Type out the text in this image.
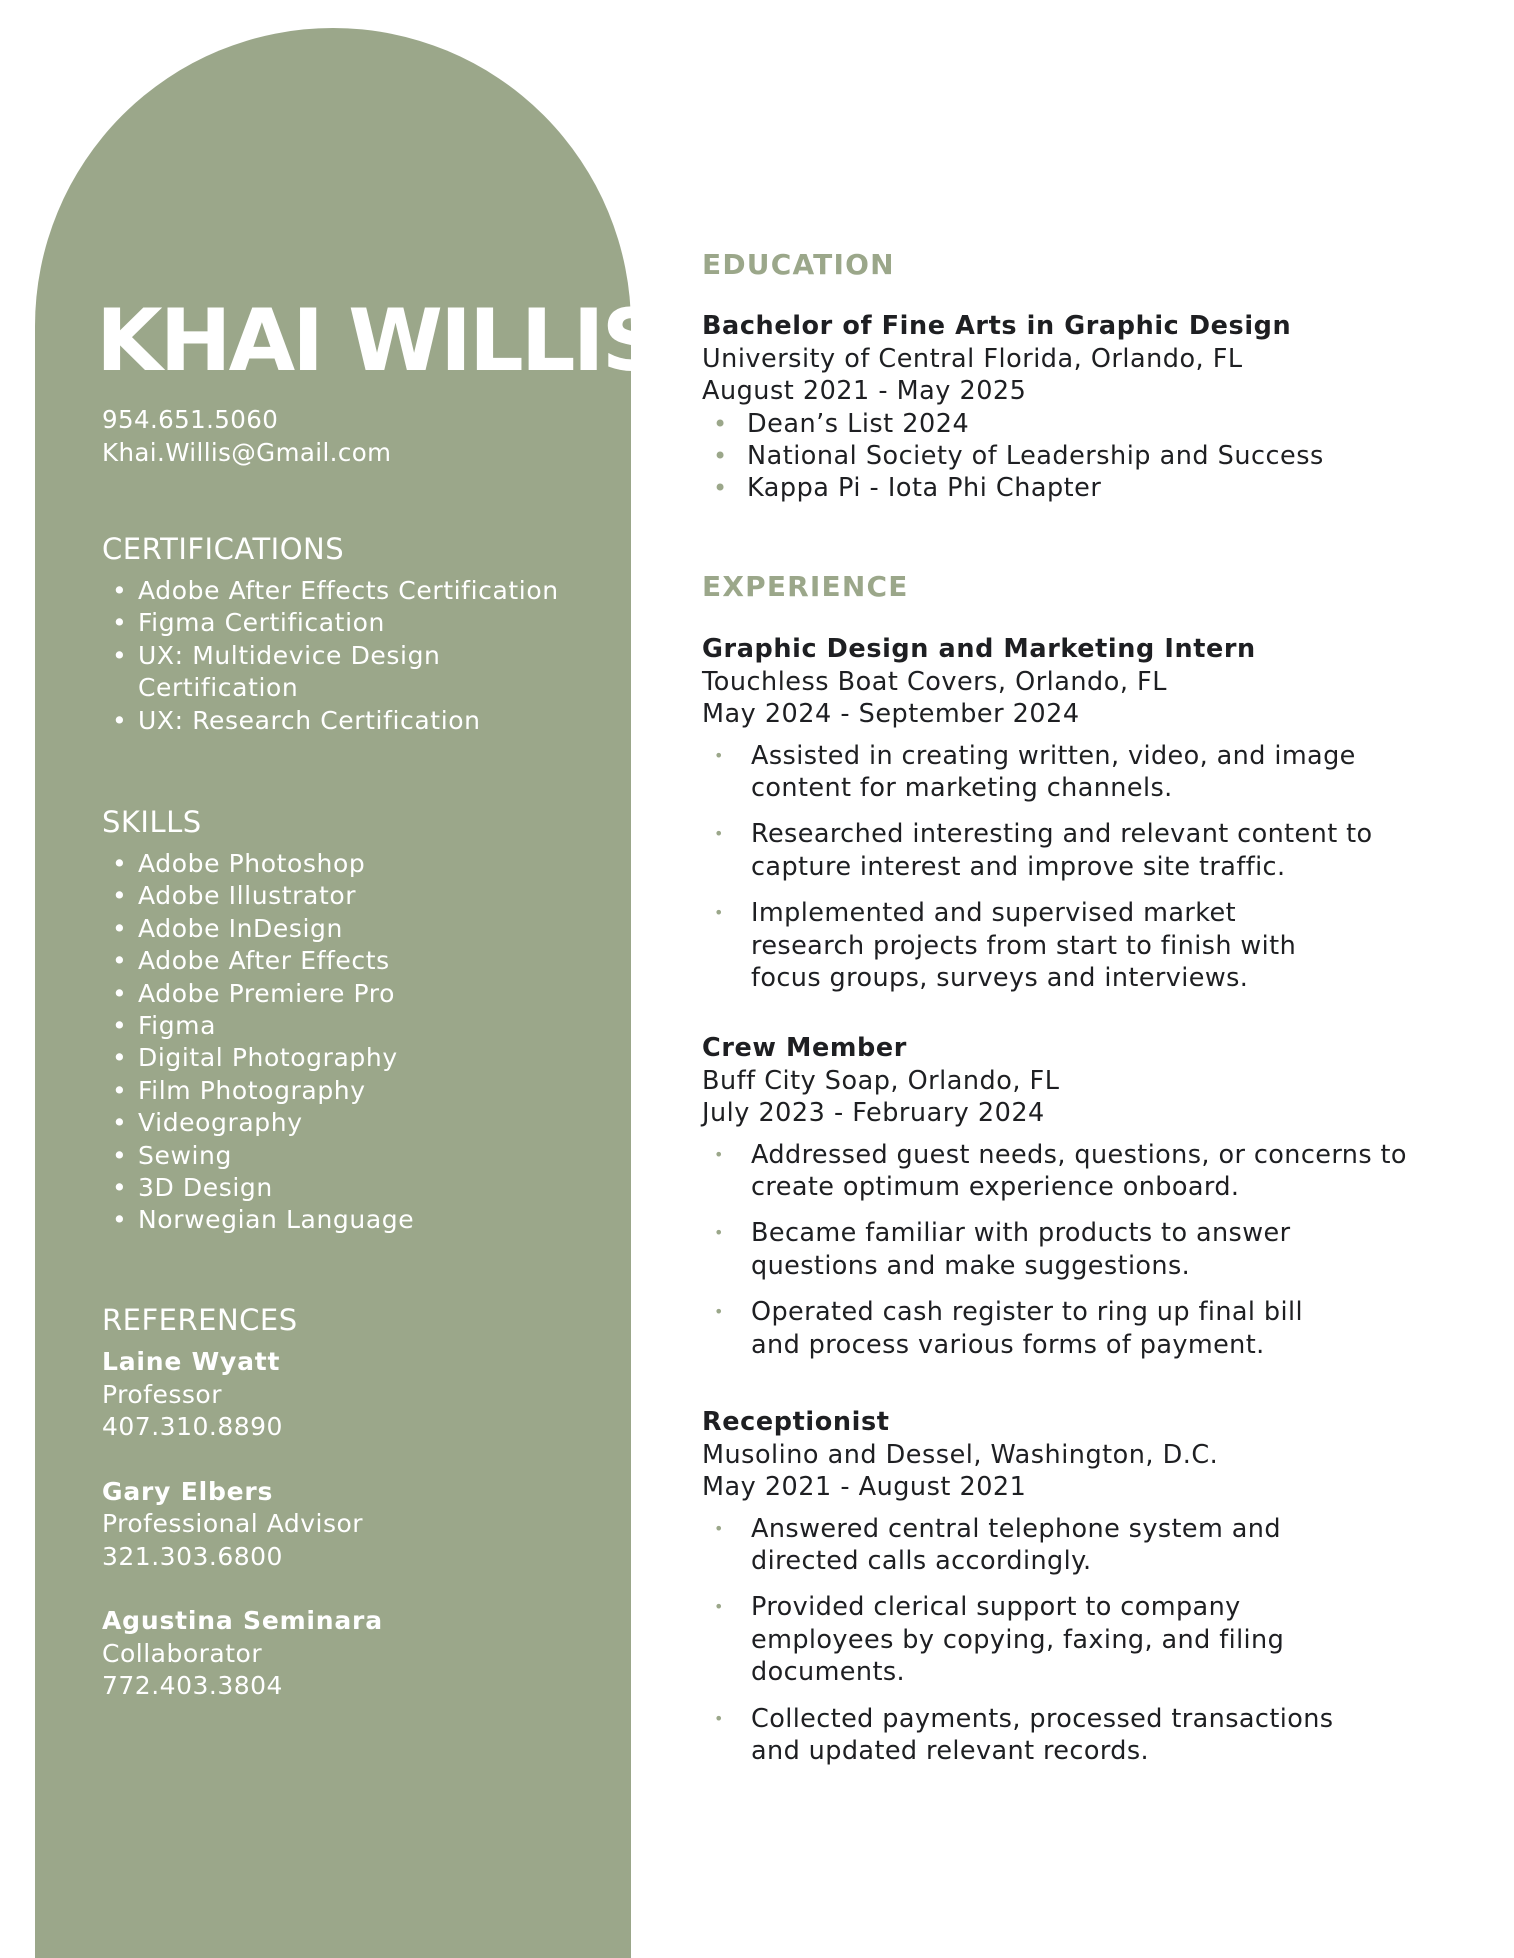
KHAI WILLIS
954.651.5060
Khai.Willis@Gmail.com
CERTIFICATIONS
• Adobe After Effects Certification
• Figma Certification
• UX: Multidevice Design Certification
• UX: Research Certification
SKILLS
• Adobe Photoshop
• Adobe Illustrator
• Adobe InDesign
• Adobe After Effects
• Adobe Premiere Pro
• Figma
• Digital Photography
• Film Photography
• Videography
• Sewing
• 3D Design
• Norwegian Language
REFERENCES
Laine Wyatt
Professor
407.310.8890
Gary Elbers
Professional Advisor
321.303.6800
Agustina Seminara
Collaborator
772.403.3804
EDUCATION
Bachelor of Fine Arts in Graphic Design
University of Central Florida, Orlando, FL
August 2021 - May 2025
• Dean’s List 2024
• National Society of Leadership and Success
• Kappa Pi - Iota Phi Chapter
EXPERIENCE
Graphic Design and Marketing Intern
Touchless Boat Covers, Orlando, FL
May 2024 - September 2024
• Assisted in creating written, video, and image content for marketing channels.
• Researched interesting and relevant content to capture interest and improve site traffic.
• Implemented and supervised market research projects from start to finish with focus groups, surveys and interviews.
Crew Member
Buff City Soap, Orlando, FL
July 2023 - February 2024
• Addressed guest needs, questions, or concerns to create optimum experience onboard.
• Became familiar with products to answer questions and make suggestions.
• Operated cash register to ring up final bill and process various forms of payment.
Receptionist
Musolino and Dessel, Washington, D.C.
May 2021 - August 2021
• Answered central telephone system and directed calls accordingly.
• Provided clerical support to company employees by copying, faxing, and filing documents.
• Collected payments, processed transactions and updated relevant records.
